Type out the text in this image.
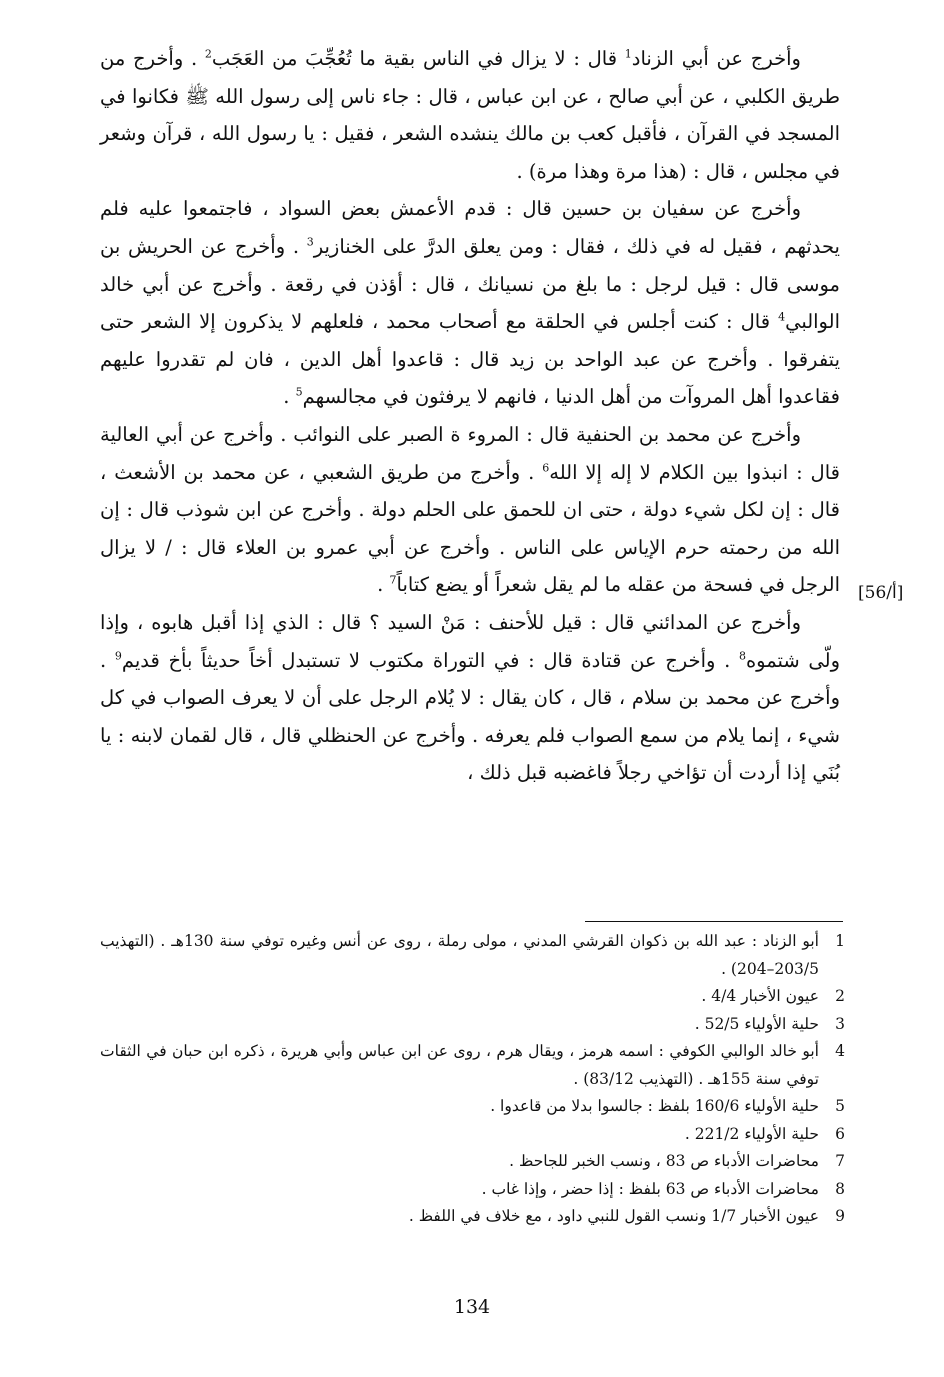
وأخرج عن أبي الزناد$^1$ قال : لا يزال في الناس بقية ما تُعُجِّبَ من العَجَب$^2$ . وأخرج من طريق الكلبي ، عن أبي صالح ، عن ابن عباس ، قال : جاء ناس إلى رسول الله ﷺ فكانوا في المسجد في القرآن ، فأقبل كعب بن مالك ينشده الشعر ، فقيل : يا رسول الله ، قرآن وشعر في مجلس ، قال : (هذا مرة وهذا مرة) .

وأخرج عن سفيان بن حسين قال : قدم الأعمش بعض السواد ، فاجتمعوا عليه فلم يحدثهم ، فقيل له في ذلك ، فقال : ومن يعلق الدرَّ على الخنازير$^3$ . وأخرج عن الحريش بن موسى قال : قيل لرجل : ما بلغ من نسيانك ، قال : أؤذن في رقعة . وأخرج عن أبي خالد الوالبي$^4$ قال : كنت أجلس في الحلقة مع أصحاب محمد ، فلعلهم لا يذكرون إلا الشعر حتى يتفرقوا . وأخرج عن عبد الواحد بن زيد قال : قاعدوا أهل الدين ، فان لم تقدروا عليهم فقاعدوا أهل المروآت من أهل الدنيا ، فانهم لا يرفثون في مجالسهم$^5$ .

وأخرج عن محمد بن الحنفية قال : المروء ة الصبر على النوائب . وأخرج عن أبي العالية قال : انبذوا بين الكلام لا إله إلا الله$^6$ . وأخرج من طريق الشعبي ، عن محمد بن الأشعث ، قال : إن لكل شيء دولة ، حتى ان للحمق على الحلم دولة . وأخرج عن ابن شوذب قال : إن الله من رحمته حرم الإياس على الناس . وأخرج عن أبي عمرو بن العلاء قال : / لا يزال الرجل في فسحة من عقله ما لم يقل شعراً أو يضع كتاباً$^7$ .

وأخرج عن المدائني قال : قيل للأحنف : مَنْ السيد ؟ قال : الذي إذا أقبل هابوه ، وإذا ولّى شتموه$^8$ . وأخرج عن قتادة قال : في التوراة مكتوب لا تستبدل أخاً حديثاً بأخ قديم$^9$ . وأخرج عن محمد بن سلام ، قال ، كان يقال : لا يُلام الرجل على أن لا يعرف الصواب في كل شيء ، إنما يلام من سمع الصواب فلم يعرفه . وأخرج عن الحنظلي قال ، قال لقمان لابنه : يا بُنَي إذا أردت أن تؤاخي رجلاً فاغضبه قبل ذلك ،

[56/أ]
1
أبو الزناد : عبد الله بن ذكوان القرشي المدني ، مولى رملة ، روى عن أنس وغيره توفي سنة 130هـ . (التهذيب 203/5–204) .
2
عيون الأخبار 4/4 .
3
حلية الأولياء 52/5 .
4
أبو خالد الوالبي الكوفي : اسمه هرمز ، ويقال هرم ، روى عن ابن عباس وأبي هريرة ، ذكره ابن حبان في الثقات توفي سنة 155هـ . (التهذيب 83/12) .
5
حلية الأولياء 160/6 بلفظ : جالسوا بدلا من قاعدوا .
6
حلية الأولياء 221/2 .
7
محاضرات الأدباء ص 83 ، ونسب الخبر للجاحظ .
8
محاضرات الأدباء ص 63 بلفظ : إذا حضر ، وإذا غاب .
9
عيون الأخبار 1/7 ونسب القول للنبي داود ، مع خلاف في اللفظ .
134
